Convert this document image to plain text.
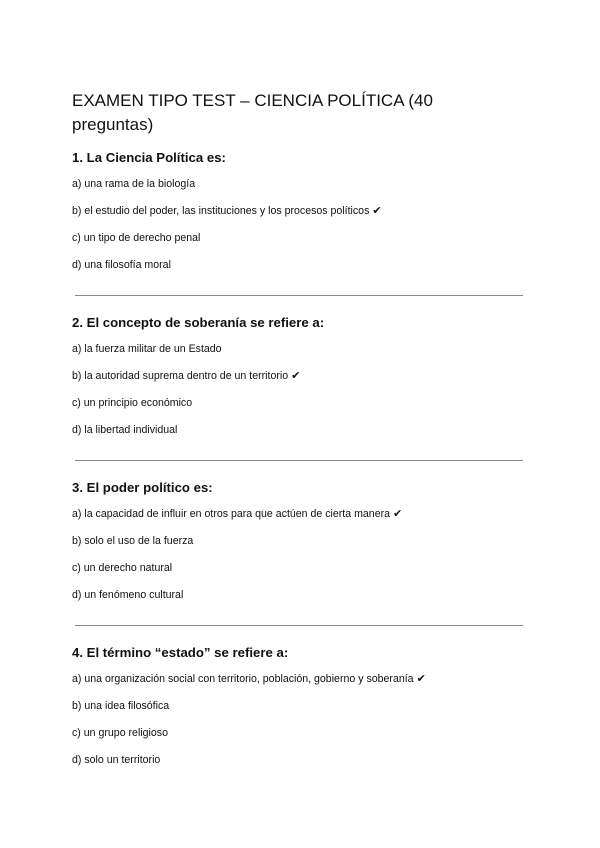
EXAMEN TIPO TEST – CIENCIA POLÍTICA (40 preguntas)

1. La Ciencia Política es:

a) una rama de la biología
b) el estudio del poder, las instituciones y los procesos políticos ✔
c) un tipo de derecho penal
d) una filosofía moral

2. El concepto de soberanía se refiere a:

a) la fuerza militar de un Estado
b) la autoridad suprema dentro de un territorio ✔
c) un principio económico
d) la libertad individual

3. El poder político es:

a) la capacidad de influir en otros para que actúen de cierta manera ✔
b) solo el uso de la fuerza
c) un derecho natural
d) un fenómeno cultural

4. El término “estado” se refiere a:

a) una organización social con territorio, población, gobierno y soberanía ✔
b) una idea filosófica
c) un grupo religioso
d) solo un territorio
